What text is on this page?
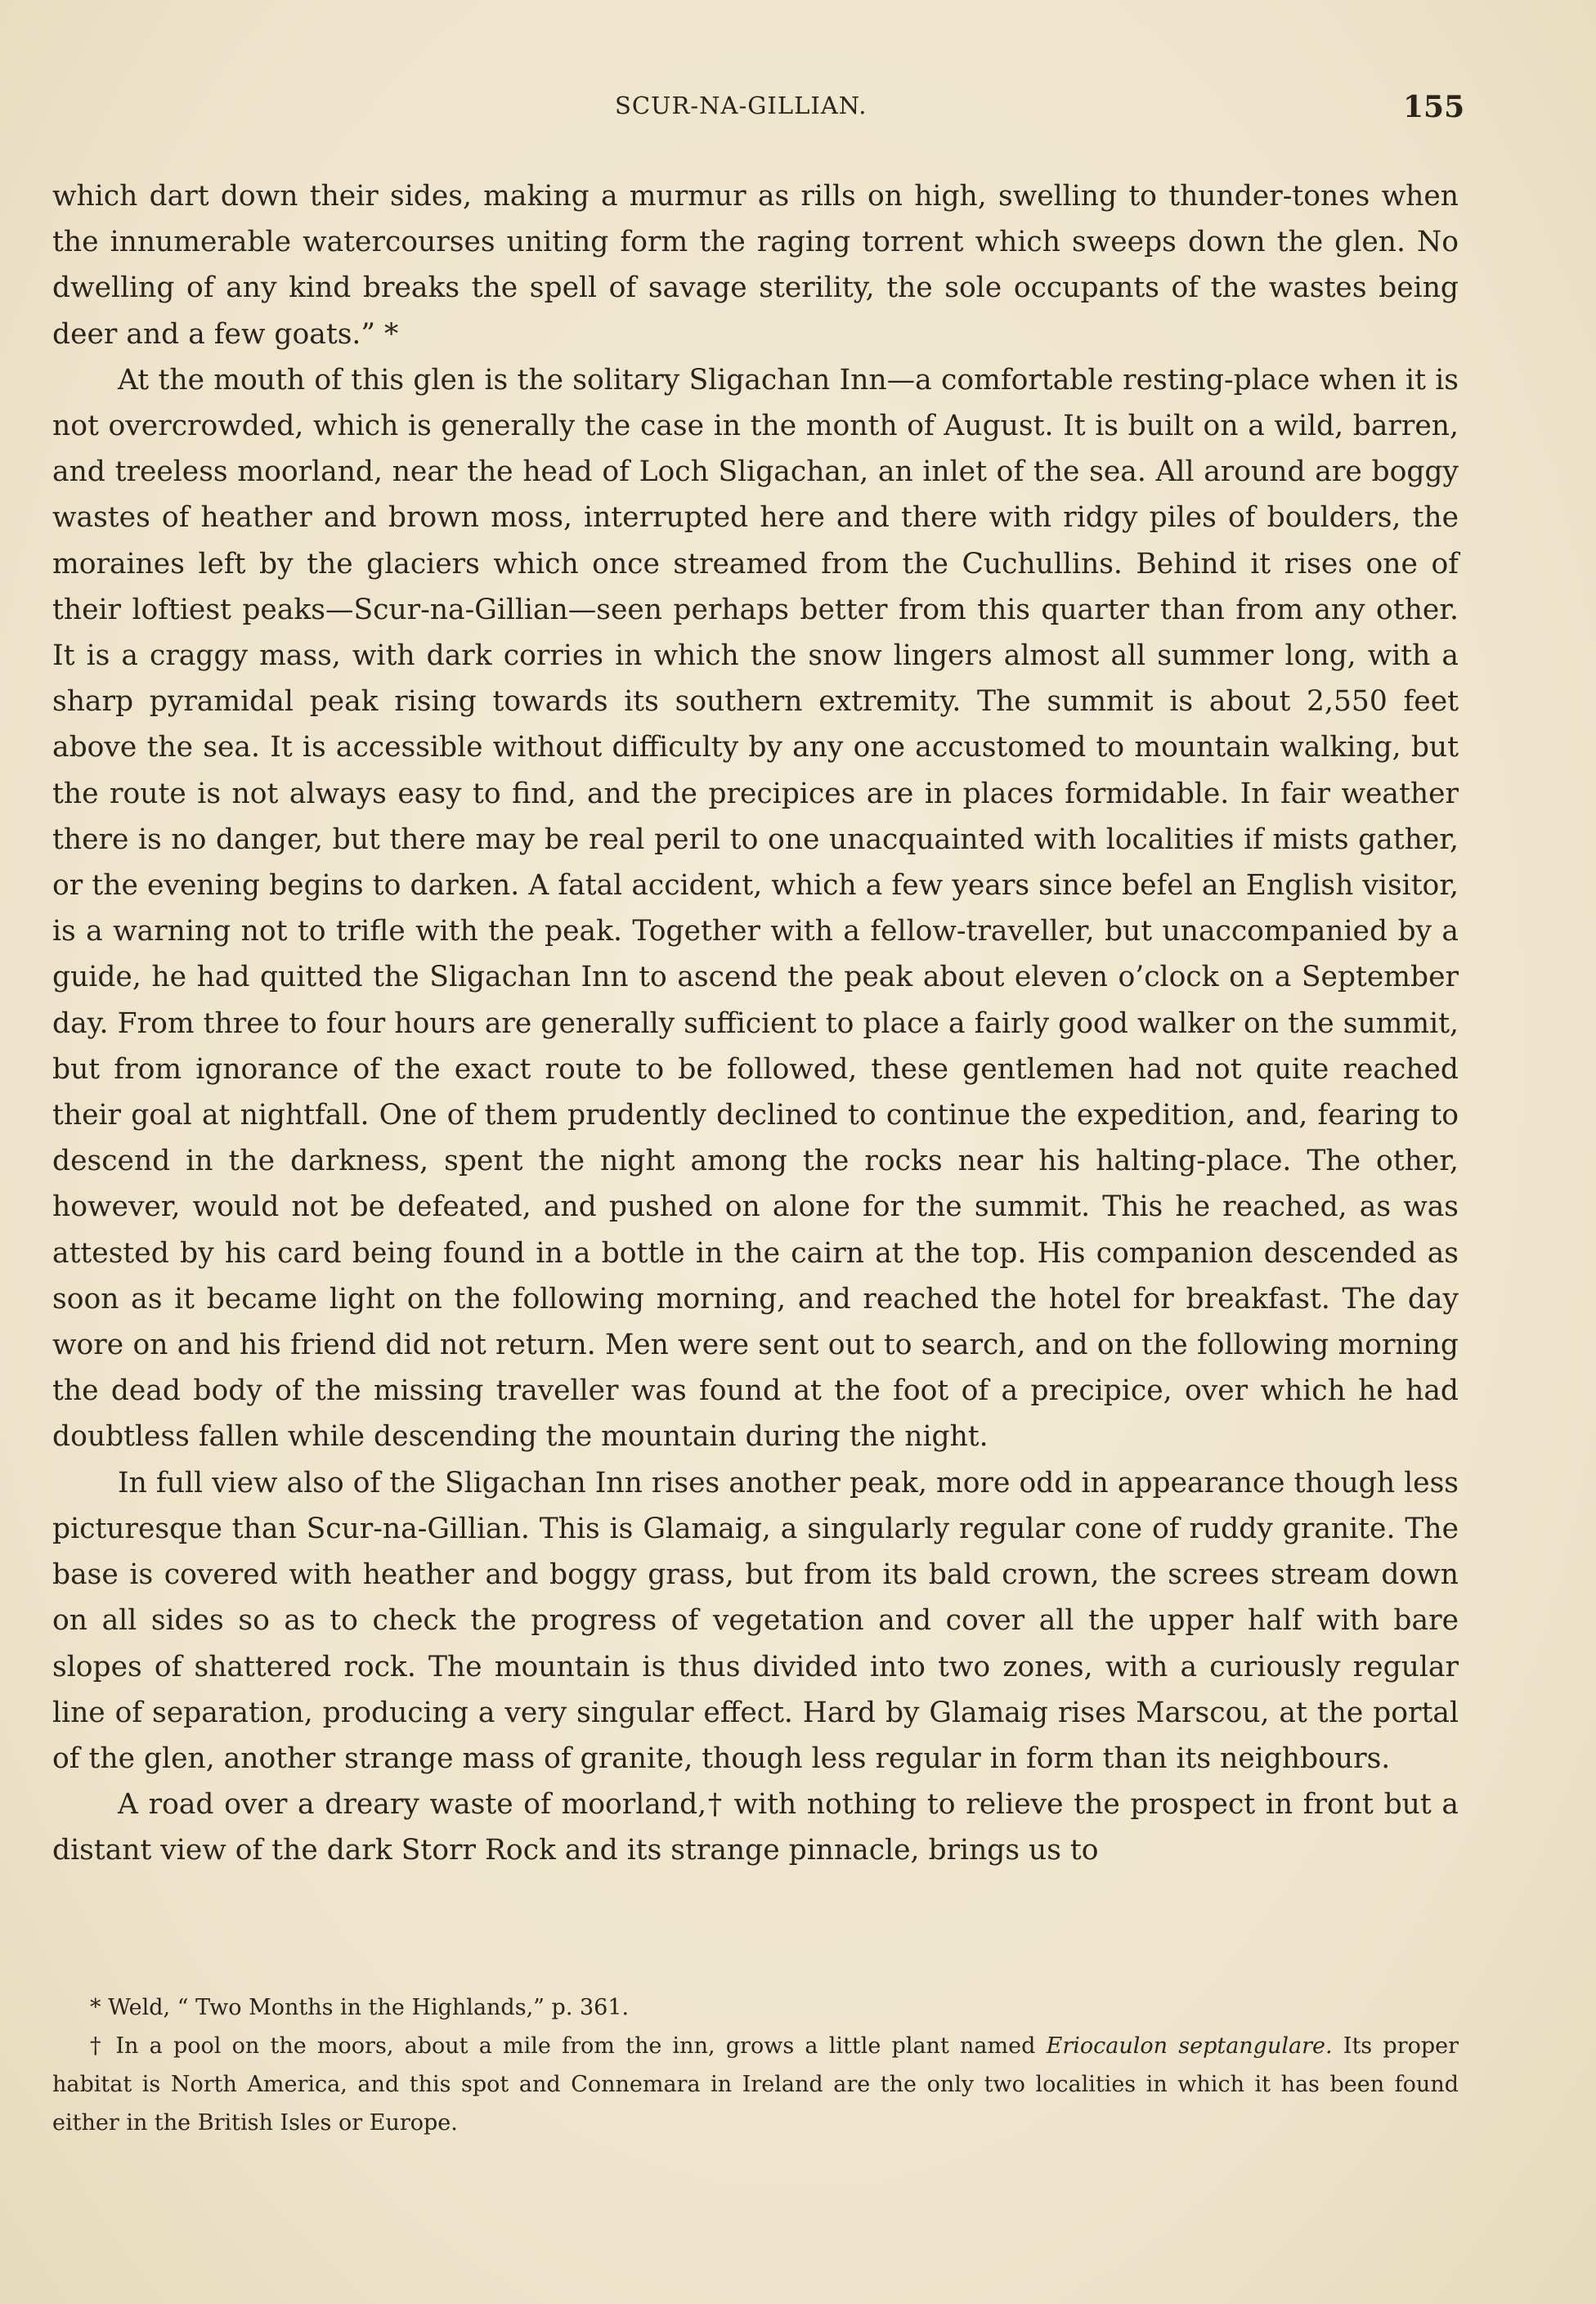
SCUR-NA-GILLIAN.	155

which dart down their sides, making a murmur as rills on high, swelling to thunder-tones when the innumerable watercourses uniting form the raging torrent which sweeps down the glen. No dwelling of any kind breaks the spell of savage sterility, the sole occupants of the wastes being deer and a few goats.” *

At the mouth of this glen is the solitary Sligachan Inn—a comfortable resting-place when it is not overcrowded, which is generally the case in the month of August. It is built on a wild, barren, and treeless moorland, near the head of Loch Sligachan, an inlet of the sea. All around are boggy wastes of heather and brown moss, interrupted here and there with ridgy piles of boulders, the moraines left by the glaciers which once streamed from the Cuchullins. Behind it rises one of their loftiest peaks—Scur-na-Gillian—seen perhaps better from this quarter than from any other. It is a craggy mass, with dark corries in which the snow lingers almost all summer long, with a sharp pyramidal peak rising towards its southern extremity. The summit is about 2,550 feet above the sea. It is accessible without difficulty by any one accustomed to mountain walking, but the route is not always easy to find, and the precipices are in places formidable. In fair weather there is no danger, but there may be real peril to one unacquainted with localities if mists gather, or the evening begins to darken. A fatal accident, which a few years since befel an English visitor, is a warning not to trifle with the peak. Together with a fellow-traveller, but unaccompanied by a guide, he had quitted the Sligachan Inn to ascend the peak about eleven o’clock on a September day. From three to four hours are generally sufficient to place a fairly good walker on the summit, but from ignorance of the exact route to be followed, these gentlemen had not quite reached their goal at nightfall. One of them prudently declined to continue the expedition, and, fearing to descend in the darkness, spent the night among the rocks near his halting-place. The other, however, would not be defeated, and pushed on alone for the summit. This he reached, as was attested by his card being found in a bottle in the cairn at the top. His companion descended as soon as it became light on the following morning, and reached the hotel for breakfast. The day wore on and his friend did not return. Men were sent out to search, and on the following morning the dead body of the missing traveller was found at the foot of a precipice, over which he had doubtless fallen while descending the mountain during the night.

In full view also of the Sligachan Inn rises another peak, more odd in appearance though less picturesque than Scur-na-Gillian. This is Glamaig, a singularly regular cone of ruddy granite. The base is covered with heather and boggy grass, but from its bald crown, the screes stream down on all sides so as to check the progress of vegetation and cover all the upper half with bare slopes of shattered rock. The mountain is thus divided into two zones, with a curiously regular line of separation, producing a very singular effect. Hard by Glamaig rises Marscou, at the portal of the glen, another strange mass of granite, though less regular in form than its neighbours.

A road over a dreary waste of moorland,† with nothing to relieve the prospect in front but a distant view of the dark Storr Rock and its strange pinnacle, brings us to

* Weld, “ Two Months in the Highlands,” p. 361.

† In a pool on the moors, about a mile from the inn, grows a little plant named Eriocaulon septangulare. Its proper habitat is North America, and this spot and Connemara in Ireland are the only two localities in which it has been found either in the British Isles or Europe.
